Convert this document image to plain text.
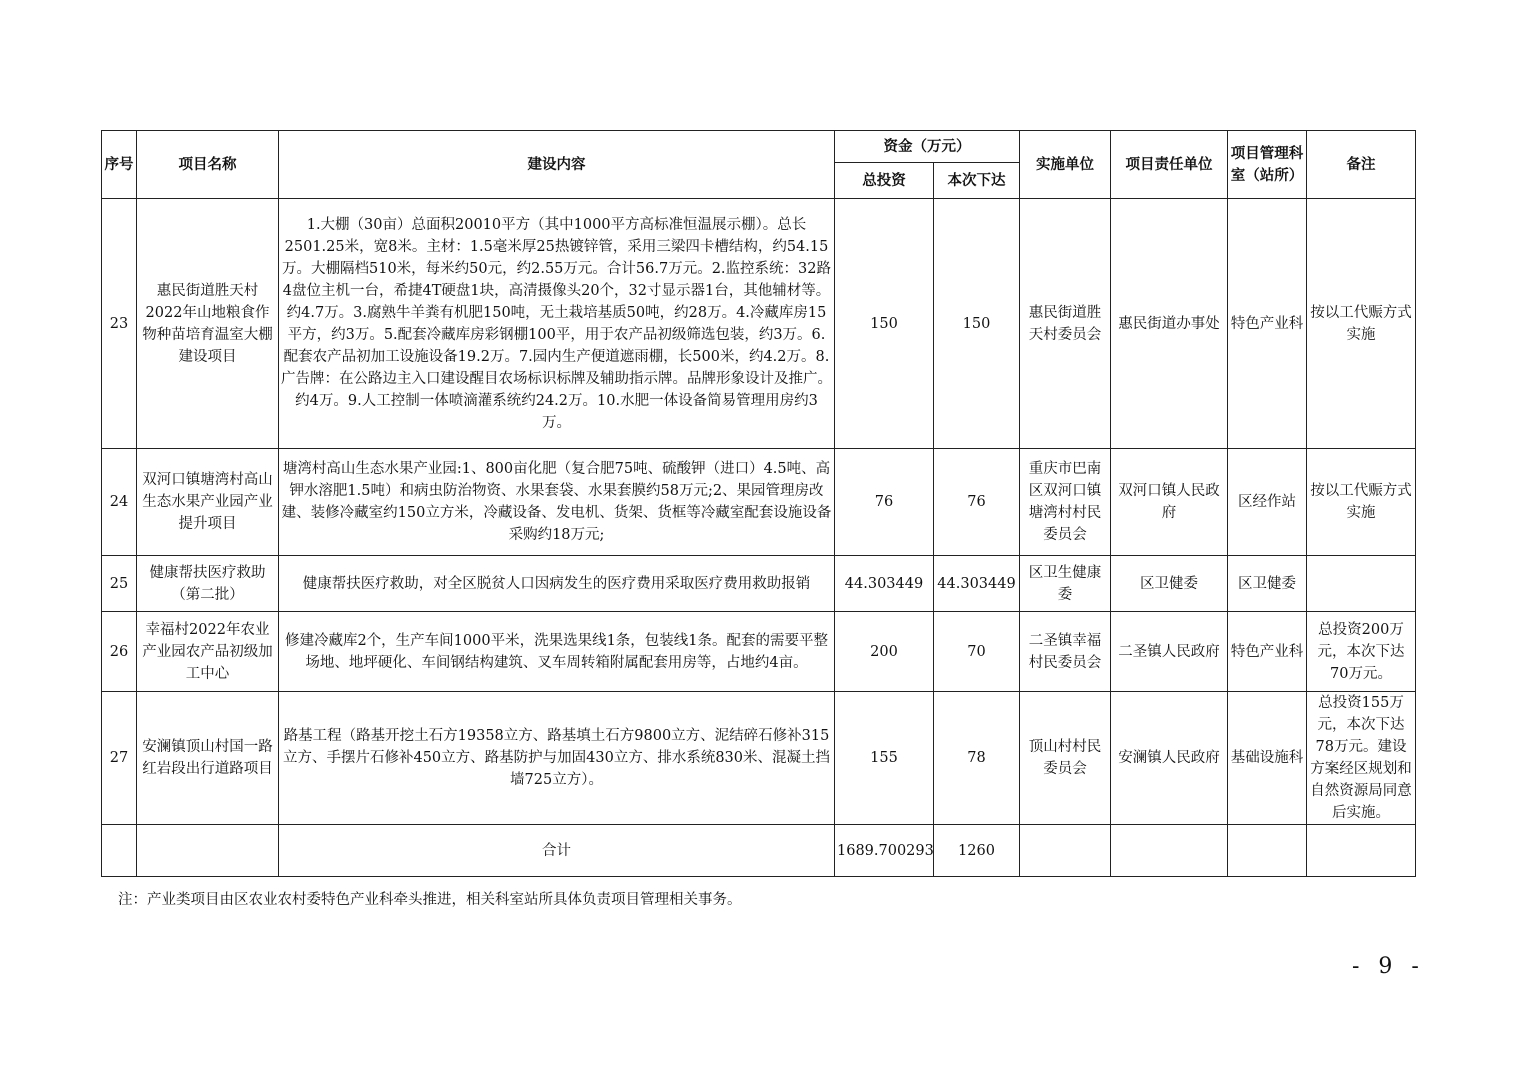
序号	项目名称	建设内容	资金（万元）		实施单位	项目责任单位	项目管理科室（站所）	备注
			总投资	本次下达				
23	惠民街道胜天村2022年山地粮食作物种苗培育温室大棚建设项目	1.大棚（30亩）总面积20010平方（其中1000平方高标准恒温展示棚）。总长2501.25米，宽8米。主材：1.5毫米厚25热镀锌管，采用三梁四卡槽结构，约54.15万。大棚隔档510米，每米约50元，约2.55万元。合计56.7万元。2.监控系统：32路4盘位主机一台，希捷4T硬盘1块，高清摄像头20个，32寸显示器1台，其他辅材等。约4.7万。3.腐熟牛羊粪有机肥150吨，无土栽培基质50吨，约28万。4.冷藏库房15平方，约3万。5.配套冷藏库房彩钢棚100平，用于农产品初级筛选包装，约3万。6.配套农产品初加工设施设备19.2万。7.园内生产便道遮雨棚，长500米，约4.2万。8.广告牌：在公路边主入口建设醒目农场标识标牌及辅助指示牌。品牌形象设计及推广。约4万。9.人工控制一体喷滴灌系统约24.2万。10.水肥一体设备简易管理用房约3万。	150	150	惠民街道胜天村委员会	惠民街道办事处	特色产业科	按以工代赈方式实施
24	双河口镇塘湾村高山生态水果产业园产业提升项目	塘湾村高山生态水果产业园:1、800亩化肥（复合肥75吨、硫酸钾（进口）4.5吨、高钾水溶肥1.5吨）和病虫防治物资、水果套袋、水果套膜约58万元;2、果园管理房改建、装修冷藏室约150立方米，冷藏设备、发电机、货架、货框等冷藏室配套设施设备采购约18万元;	76	76	重庆市巴南区双河口镇塘湾村村民委员会	双河口镇人民政府	区经作站	按以工代赈方式实施
25	健康帮扶医疗救助（第二批）	健康帮扶医疗救助，对全区脱贫人口因病发生的医疗费用采取医疗费用救助报销	44.303449	44.303449	区卫生健康委	区卫健委	区卫健委	
26	幸福村2022年农业产业园农产品初级加工中心	修建冷藏库2个，生产车间1000平米，洗果选果线1条，包装线1条。配套的需要平整场地、地坪硬化、车间钢结构建筑、叉车周转箱附属配套用房等，占地约4亩。	200	70	二圣镇幸福村民委员会	二圣镇人民政府	特色产业科	总投资200万元，本次下达70万元。
27	安澜镇顶山村国一路红岩段出行道路项目	路基工程（路基开挖土石方19358立方、路基填土石方9800立方、泥结碎石修补315立方、手摆片石修补450立方、路基防护与加固430立方、排水系统830米、混凝土挡墙725立方）。	155	78	顶山村村民委员会	安澜镇人民政府	基础设施科	总投资155万元，本次下达78万元。建设方案经区规划和自然资源局同意后实施。
		合计	1689.700293	1260				
注：产业类项目由区农业农村委特色产业科牵头推进，相关科室站所具体负责项目管理相关事务。
- 9 -
